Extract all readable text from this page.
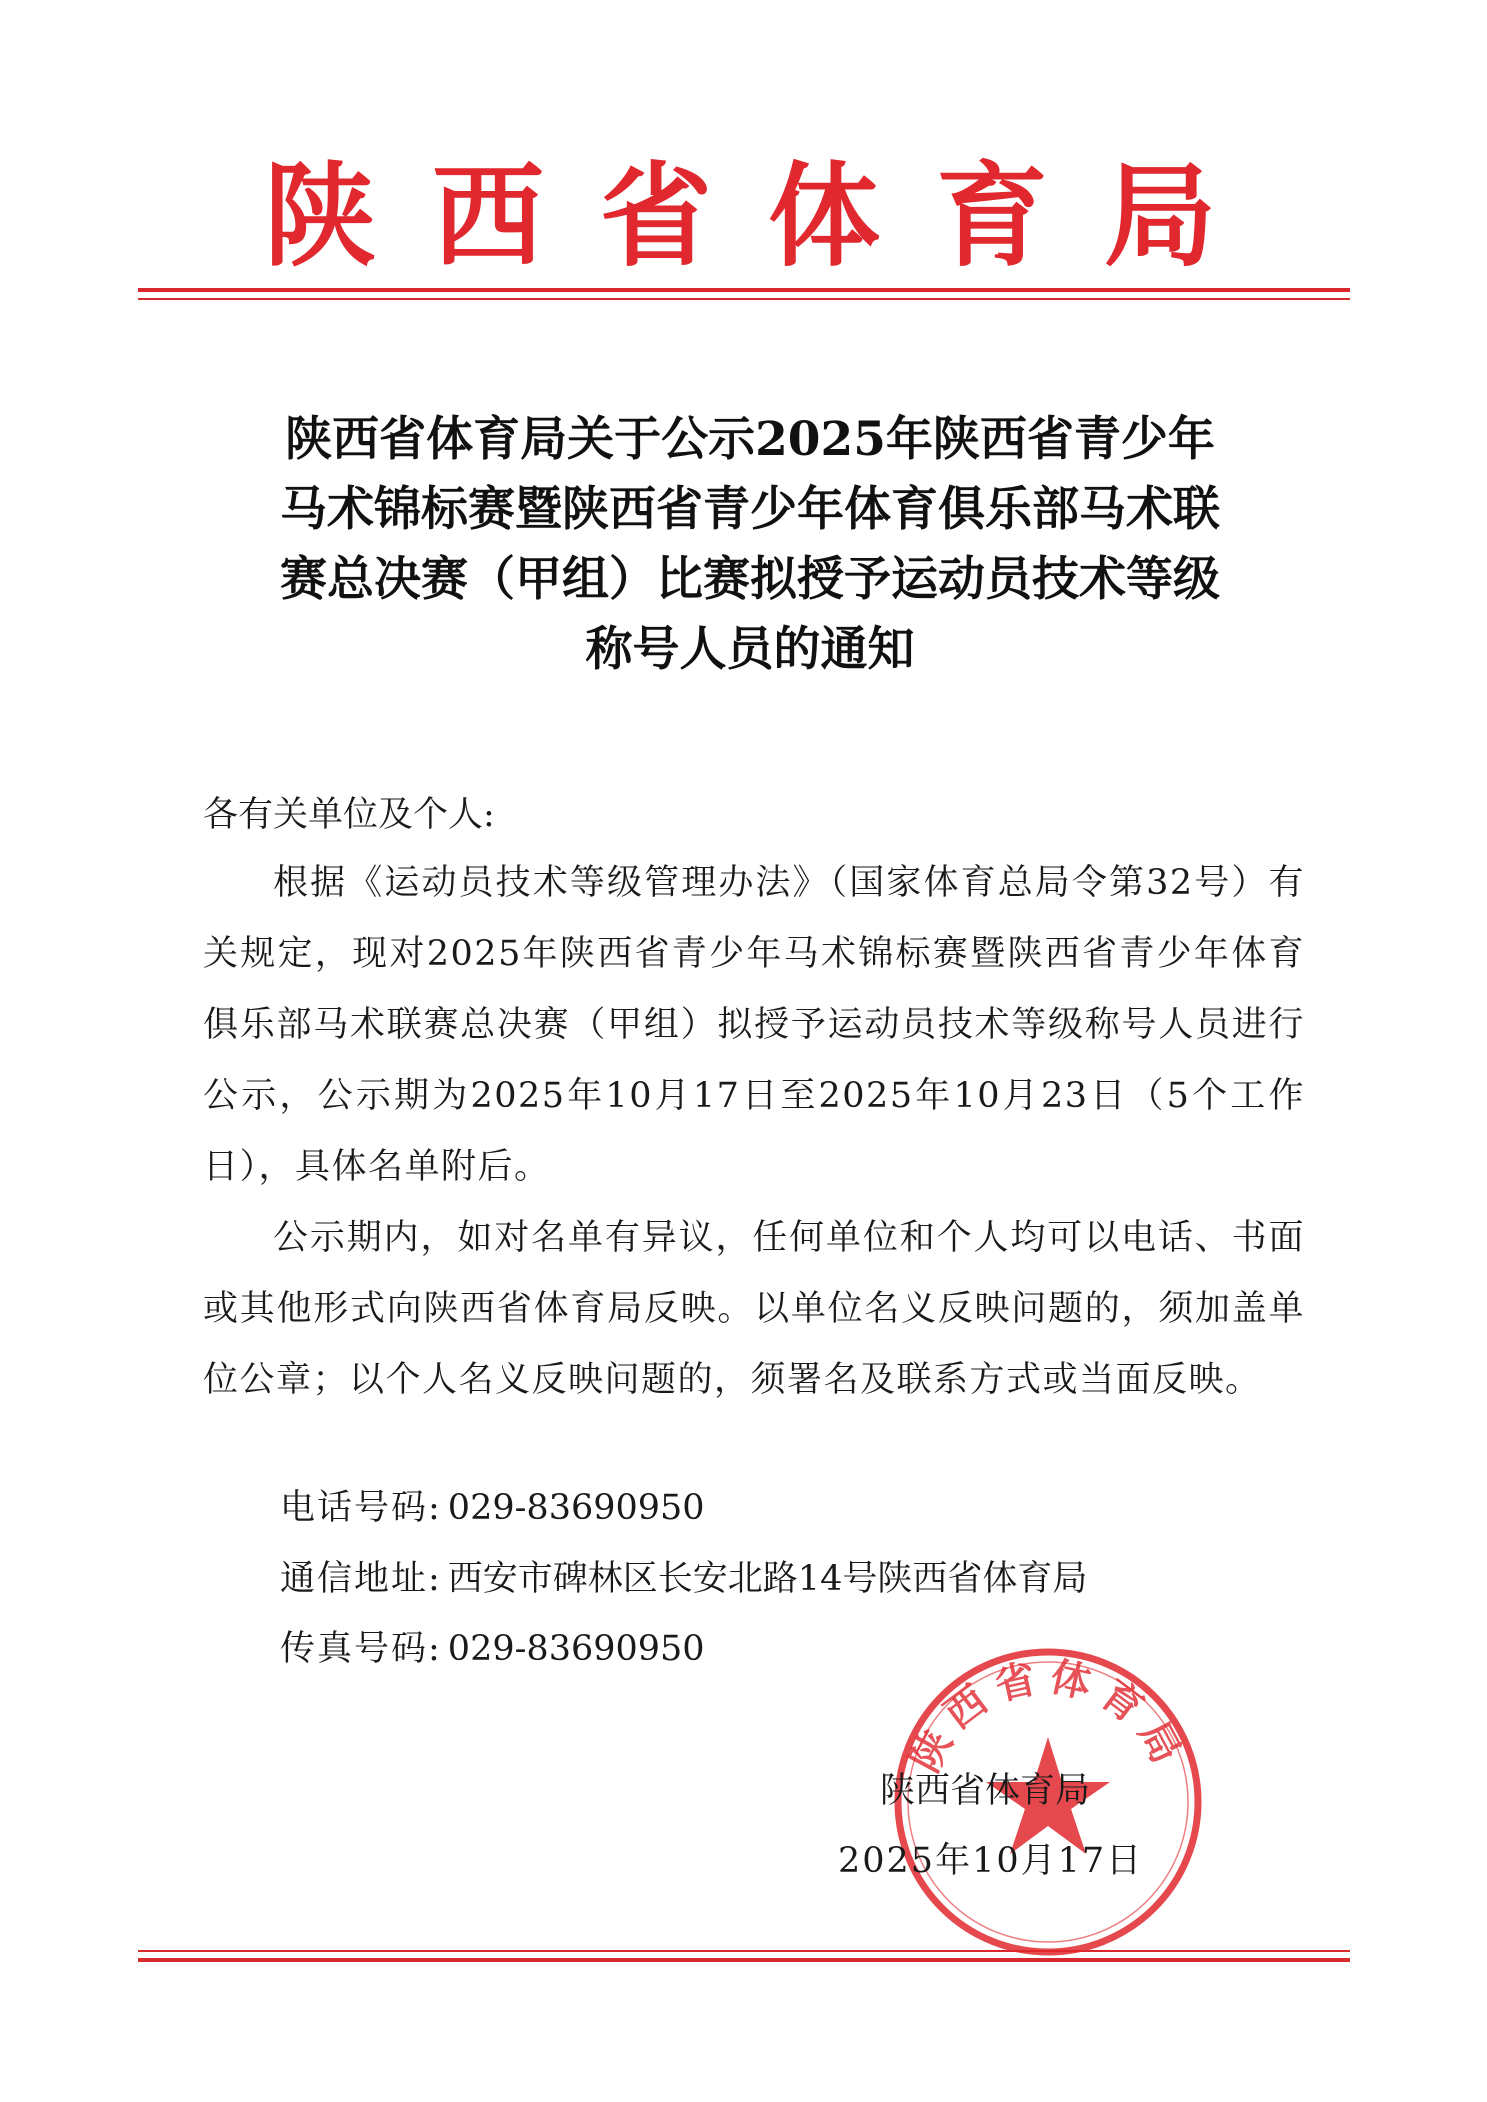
陕西省体育局
陕西省体育局关于公示2025年陕西省青少年
马术锦标赛暨陕西省青少年体育俱乐部马术联
赛总决赛（甲组）比赛拟授予运动员技术等级
称号人员的通知

各有关单位及个人:

根据《运动员技术等级管理办法》（国家体育总局令第32号）有关规定，现对2025年陕西省青少年马术锦标赛暨陕西省青少年体育俱乐部马术联赛总决赛（甲组）拟授予运动员技术等级称号人员进行公示，公示期为2025年10月17日至2025年10月23日（5个工作日），具体名单附后。

公示期内，如对名单有异议，任何单位和个人均可以电话、书面或其他形式向陕西省体育局反映。以单位名义反映问题的，须加盖单位公章；以个人名义反映问题的，须署名及联系方式或当面反映。

电话号码: 029-83690950
通信地址: 西安市碑林区长安北路14号陕西省体育局
传真号码: 029-83690950
陕西省体育局
陕西省体育局
2025年10月17日
